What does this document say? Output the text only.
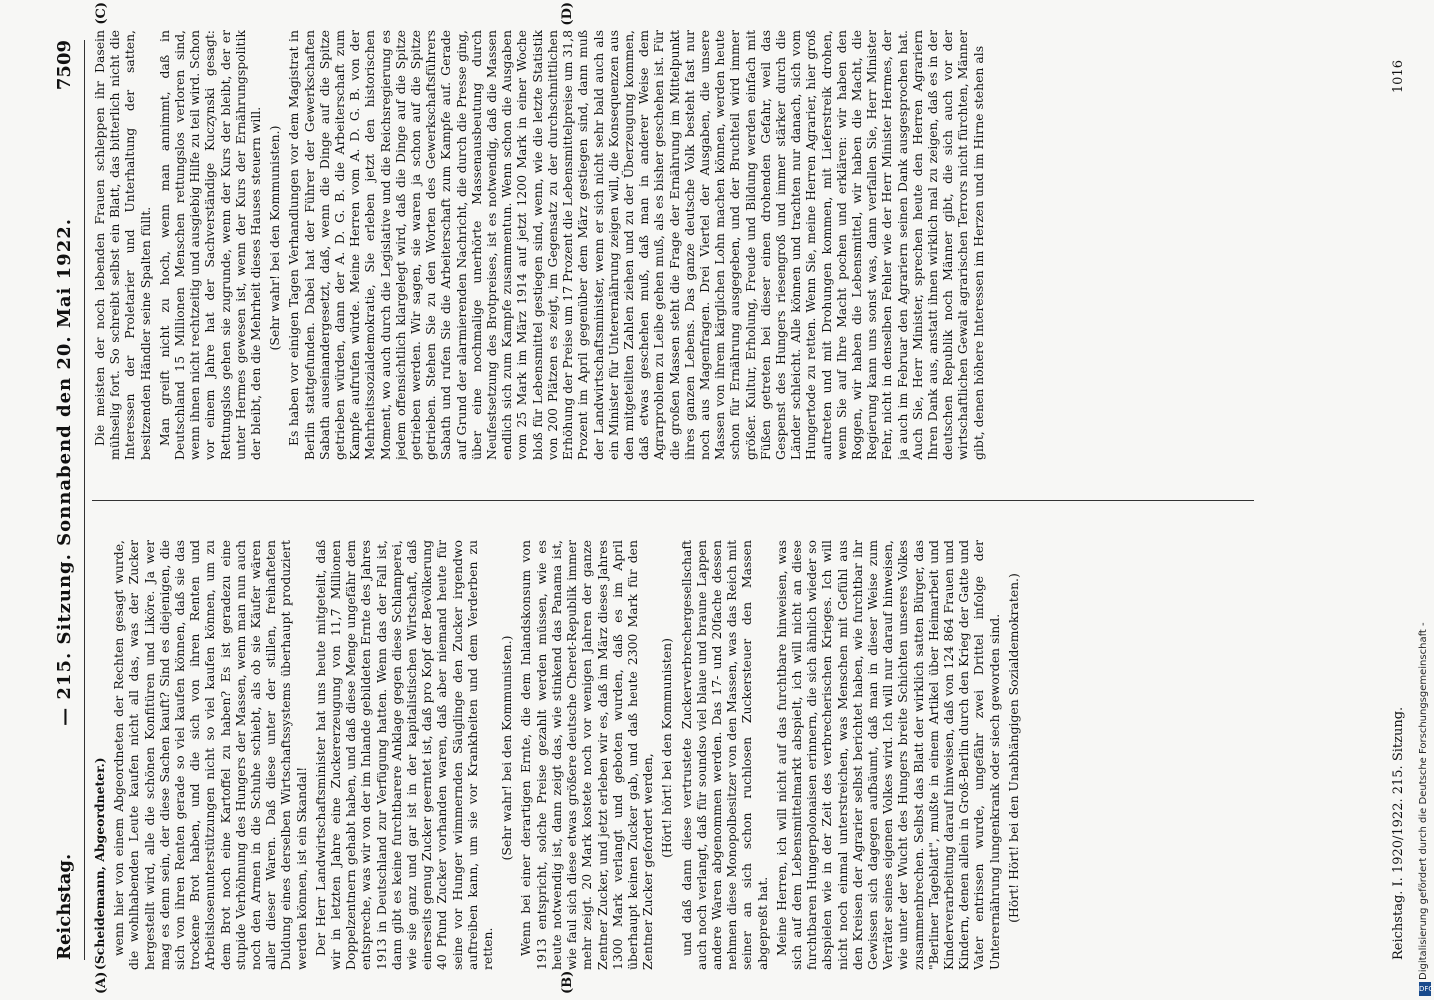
Reichstag.
— 215. Sitzung. Sonnabend den 20. Mai 1922.
7509
(A)	(B)
(C)	(D)

(Scheidemann, Abgeordneter.) wenn hier von einem Abgeordneten der Rechten gesagt wurde, die wohlhabenden Leute kaufen nicht all das, was der Zucker hergestellt wird, alle die schönen Konfitüren und Liköre. Ja wer mag es denn sein, der diese Sachen kauft? Sind es diejenigen, die sich von ihren Renten gerade so viel kaufen können, daß sie das trockene Brot haben, und die sich von ihren Renten und Arbeitslosenunterstützungen nicht so viel kaufen können, um zu dem Brot noch eine Kartoffel zu haben? Es ist geradezu eine stupide Verhöhnung des Hungers der Massen, wenn man nun auch noch den Armen in die Schuhe schiebt, als ob sie Käufer wären aller dieser Waren. Daß diese unter der stillen, freihafteten Duldung eines derselben Wirtschaftssystems überhaupt produziert werden können, ist ein Skandal! Der Herr Landwirtschaftsminister hat uns heute mitgeteilt, daß wir in letzten Jahre eine Zuckererzeugung von 11,7 Millionen Doppelzentnern gehabt haben, und daß diese Menge ungefähr dem entspreche, was wir von der im Inlande gebildeten Ernte des Jahres 1913 in Deutschland zur Verfügung hatten. Wenn das der Fall ist, dann gibt es keine furchtbarere Anklage gegen diese Schlamperei, wie sie ganz und gar ist in der kapitalistischen Wirtschaft, daß einerseits genug Zucker geerntet ist, daß pro Kopf der Bevölkerung 40 Pfund Zucker vorhanden waren, daß aber niemand heute für seine vor Hunger wimmernden Säuglinge den Zucker irgendwo auftreiben kann, um sie vor Krankheiten und dem Verderben zu retten.

(Sehr wahr! bei den Kommunisten.) Wenn bei einer derartigen Ernte, die dem Inlandskonsum von 1913 entspricht, solche Preise gezahlt werden müssen, wie es heute notwendig ist, dann zeigt das, wie stinkend das Panama ist, wie faul sich diese etwas größere deutsche Cheret-Republik immer mehr zeigt. 20 Mark kostete noch vor wenigen Jahren der ganze Zentner Zucker, und jetzt erleben wir es, daß im März dieses Jahres 1300 Mark verlangt und geboten wurden, daß es im April überhaupt keinen Zucker gab, und daß heute 2300 Mark für den Zentner Zucker gefordert werden,

(Hört! hört! bei den Kommunisten) und daß dann diese vertrustete Zuckerverbrechergesellschaft auch noch verlangt, daß für soundso viel blaue und braune Lappen andere Waren abgenommen werden. Das 17- und 20fache dessen nehmen diese Monopolbesitzer von den Massen, was das Reich mit seiner an sich schon ruchlosen Zuckersteuer den Massen abgepreßt hat. Meine Herren, ich will nicht auf das furchtbare hinweisen, was sich auf dem Lebensmittelmarkt abspielt, ich will nicht an diese furchtbaren Hungerpolonaisen erinnern, die sich ähnlich wieder so abspielen wie in der Zeit des verbrecherischen Krieges. Ich will nicht noch einmal unterstreichen, was Menschen mit Gefühl aus den Kreisen der Agrarier selbst berichtet haben, wie furchtbar ihr Gewissen sich dagegen aufbäumt, daß man in dieser Weise zum Verräter seines eigenen Volkes wird. Ich will nur darauf hinweisen, wie unter der Wucht des Hungers breite Schichten unseres Volkes zusammenbrechen. Selbst das Blatt der wirklich satten Bürger, das "Berliner Tageblatt", mußte in einem Artikel über Heimarbeit und Kinderverarbeitung darauf hinweisen, daß von 124 864 Frauen und Kindern, denen allein in Groß-Berlin durch den Krieg der Gatte und Vater entrissen wurde, ungefähr zwei Drittel infolge der Unterernährung lungenkrank oder siech geworden sind. (Hört! Hört! bei den Unabhängigen Sozialdemokraten.)

Die meisten der noch lebenden Frauen schleppen ihr Dasein mühselig fort. So schreibt selbst ein Blatt, das bitterlich nicht die Interessen der Proletarier und Unterhaltung der satten, besitzenden Händler seine Spalten füllt. Man greift nicht zu hoch, wenn man annimmt, daß in Deutschland 15 Millionen Menschen rettungslos verloren sind, wenn ihnen nicht rechtzeitig und ausgiebig Hilfe zu teil wird. Schon vor einem Jahre hat der Sachverständige Kuczynski gesagt: Rettungslos gehen sie zugrunde, wenn der Kurs der bleibt, der er unter Hermes gewesen ist, wenn der Kurs der Ernährungspolitik der bleibt, den die Mehrheit dieses Hauses steuern will. (Sehr wahr! bei den Kommunisten.) Es haben vor einigen Tagen Verhandlungen vor dem Magistrat in Berlin stattgefunden. Dabei hat der Führer der Gewerkschaften Sabath auseinandergesetzt, daß, wenn die Dinge auf die Spitze getrieben würden, dann der A. D. G. B. die Arbeiterschaft zum Kampfe aufrufen würde. Meine Herren vom A. D. G. B. von der Mehrheitssozialdemokratie, Sie erleben jetzt den historischen Moment, wo auch durch die Legislative und die Reichsregierung es jedem offensichtlich klargelegt wird, daß die Dinge auf die Spitze getrieben werden. Wir sagen, sie waren ja schon auf die Spitze getrieben. Stehen Sie zu den Worten des Gewerkschaftsführers Sabath und rufen Sie die Arbeiterschaft zum Kampfe auf. Gerade auf Grund der alarmierenden Nachricht, die durch die Presse ging, über eine nochmalige unerhörte Massenausbeutung durch Neufestsetzung des Brotpreises, ist es notwendig, daß die Massen endlich sich zum Kampfe zusammentun. Wenn schon die Ausgaben vom 25 Mark im März 1914 auf jetzt 1200 Mark in einer Woche bloß für Lebensmittel gestiegen sind, wenn, wie die letzte Statistik von 200 Plätzen es zeigt, im Gegensatz zu der durchschnittlichen Erhöhung der Preise um 17 Prozent die Lebensmittelpreise um 31,8 Prozent im April gegenüber dem März gestiegen sind, dann muß der Landwirtschaftsminister, wenn er sich nicht sehr bald auch als ein Minister für Unterernährung zeigen will, die Konsequenzen aus den mitgeteilten Zahlen ziehen und zu der Überzeugung kommen, daß etwas geschehen muß, daß man in anderer Weise dem Agrarproblem zu Leibe gehen muß, als es bisher geschehen ist. Für die großen Massen steht die Frage der Ernährung im Mittelpunkt ihres ganzen Lebens. Das ganze deutsche Volk besteht fast nur noch aus Magenfragen. Drei Viertel der Ausgaben, die unsere Massen von ihrem kärglichen Lohn machen können, werden heute schon für Ernährung ausgegeben, und der Bruchteil wird immer größer. Kultur, Erholung, Freude und Bildung werden einfach mit Füßen getreten bei dieser einen drohenden Gefahr, weil das Gespenst des Hungers riesengroß und immer stärker durch die Länder schleicht. Alle können und trachten nur danach, sich vom Hungertode zu retten. Wenn Sie, meine Herren Agrarier, hier groß auftreten und mit Drohungen kommen, mit Lieferstreik drohen, wenn Sie auf Ihre Macht pochen und erklären: wir haben den Roggen, wir haben die Lebensmittel, wir haben die Macht, die Regierung kann uns sonst was, dann verfallen Sie, Herr Minister Fehr, nicht in denselben Fehler wie der Herr Minister Hermes, der ja auch im Februar den Agrariern seinen Dank ausgesprochen hat. Auch Sie, Herr Minister, sprechen heute den Herren Agrariern Ihren Dank aus, anstatt ihnen wirklich mal zu zeigen, daß es in der deutschen Republik noch Männer gibt, die sich auch vor der wirtschaftlichen Gewalt agrarischen Terrors nicht fürchten, Männer gibt, denen höhere Interessen im Herzen und im Hirne stehen als

Reichstag. I. 1920/1922. 215. Sitzung.
1016
Digitalisierung gefördert durch die Deutsche Forschungsgemeinschaft -
DFG
